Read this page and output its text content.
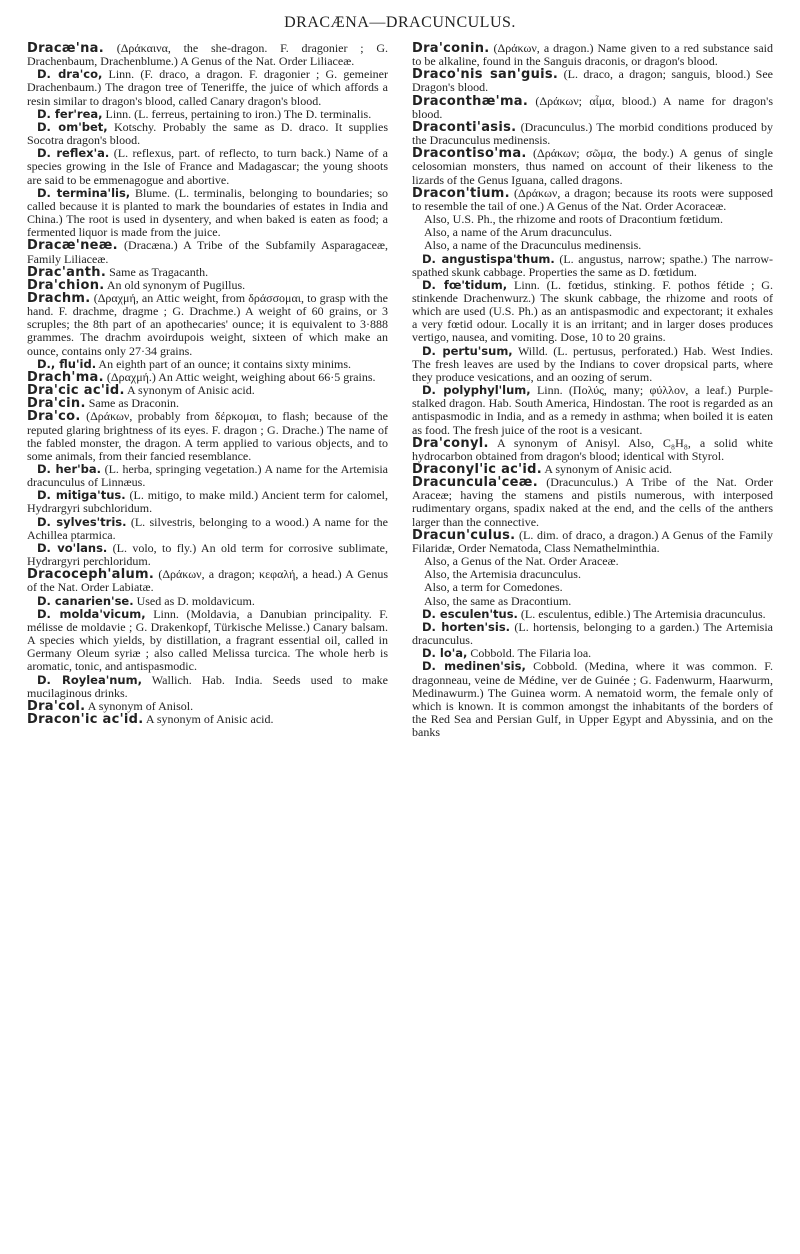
DRACÆNA—DRACUNCULUS.

Dracæ'na. (Δράκαινα, the she-dragon. F. dragonier ; G. Drachenbaum, Drachenblume.) A Genus of the Nat. Order Liliaceæ.

D. dra'co, Linn. (F. draco, a dragon. F. dragonier ; G. gemeiner Drachenbaum.) The dragon tree of Teneriffe, the juice of which affords a resin similar to dragon's blood, called Canary dragon's blood.

D. fer'rea, Linn. (L. ferreus, pertaining to iron.) The D. terminalis.

D. om'bet, Kotschy. Probably the same as D. draco. It supplies Socotra dragon's blood.

D. reflex'a. (L. reflexus, part. of reflecto, to turn back.) Name of a species growing in the Isle of France and Madagascar; the young shoots are said to be emmenagogue and abortive.

D. termina'lis, Blume. (L. terminalis, belonging to boundaries; so called because it is planted to mark the boundaries of estates in India and China.) The root is used in dysentery, and when baked is eaten as food; a fermented liquor is made from the juice.

Dracæ'neæ. (Dracæna.) A Tribe of the Subfamily Asparagaceæ, Family Liliaceæ.

Drac'anth. Same as Tragacanth.

Dra'chion. An old synonym of Pugillus.

Drachm. (Δραχμή, an Attic weight, from δράσσομαι, to grasp with the hand. F. drachme, dragme ; G. Drachme.) A weight of 60 grains, or 3 scruples; the 8th part of an apothecaries' ounce; it is equivalent to 3·888 grammes. The drachm avoirdupois weight, sixteen of which make an ounce, contains only 27·34 grains.

D., flu'id. An eighth part of an ounce; it contains sixty minims.

Drach'ma. (Δραχμή.) An Attic weight, weighing about 66·5 grains.

Dra'cic ac'id. A synonym of Anisic acid.

Dra'cin. Same as Draconin.

Dra'co. (Δράκων, probably from δέρκομαι, to flash; because of the reputed glaring brightness of its eyes. F. dragon ; G. Drache.) The name of the fabled monster, the dragon. A term applied to various objects, and to some animals, from their fancied resemblance.

D. her'ba. (L. herba, springing vegetation.) A name for the Artemisia dracunculus of Linnæus.

D. mitiga'tus. (L. mitigo, to make mild.) Ancient term for calomel, Hydrargyri subchloridum.

D. sylves'tris. (L. silvestris, belonging to a wood.) A name for the Achillea ptarmica.

D. vo'lans. (L. volo, to fly.) An old term for corrosive sublimate, Hydrargyri perchloridum.

Dracoceph'alum. (Δράκων, a dragon; κεφαλή, a head.) A Genus of the Nat. Order Labiatæ.

D. canarien'se. Used as D. moldavicum.

D. molda'vicum, Linn. (Moldavia, a Danubian principality. F. mélisse de moldavie ; G. Drakenkopf, Türkische Melisse.) Canary balsam. A species which yields, by distillation, a fragrant essential oil, called in Germany Oleum syriæ ; also called Melissa turcica. The whole herb is aromatic, tonic, and antispasmodic.

D. Roylea'num, Wallich. Hab. India. Seeds used to make mucilaginous drinks.

Dra'col. A synonym of Anisol.

Dracon'ic ac'id. A synonym of Anisic acid.

Dra'conin. (Δράκων, a dragon.) Name given to a red substance said to be alkaline, found in the Sanguis draconis, or dragon's blood.

Draco'nis san'guis. (L. draco, a dragon; sanguis, blood.) See Dragon's blood.

Draconthæ'ma. (Δράκων; αἷμα, blood.) A name for dragon's blood.

Draconti'asis. (Dracunculus.) The morbid conditions produced by the Dracunculus medinensis.

Dracontiso'ma. (Δράκων; σῶμα, the body.) A genus of single celosomian monsters, thus named on account of their likeness to the lizards of the Genus Iguana, called dragons.

Dracon'tium. (Δράκων, a dragon; because its roots were supposed to resemble the tail of one.) A Genus of the Nat. Order Acoraceæ.

Also, U.S. Ph., the rhizome and roots of Dracontium fœtidum.

Also, a name of the Arum dracunculus.

Also, a name of the Dracunculus medinensis.

D. angustispa'thum. (L. angustus, narrow; spathe.) The narrow-spathed skunk cabbage. Properties the same as D. fœtidum.

D. fœ'tidum, Linn. (L. fœtidus, stinking. F. pothos fétide ; G. stinkende Drachenwurz.) The skunk cabbage, the rhizome and roots of which are used (U.S. Ph.) as an antispasmodic and expectorant; it exhales a very fœtid odour. Locally it is an irritant; and in larger doses produces vertigo, nausea, and vomiting. Dose, 10 to 20 grains.

D. pertu'sum, Willd. (L. pertusus, perforated.) Hab. West Indies. The fresh leaves are used by the Indians to cover dropsical parts, where they produce vesications, and an oozing of serum.

D. polyphyl'lum, Linn. (Πολύς, many; φύλλον, a leaf.) Purple-stalked dragon. Hab. South America, Hindostan. The root is regarded as an antispasmodic in India, and as a remedy in asthma; when boiled it is eaten as food. The fresh juice of the root is a vesicant.

Dra'conyl. A synonym of Anisyl. Also, C₈H₈, a solid white hydrocarbon obtained from dragon's blood; identical with Styrol.

Draconyl'ic ac'id. A synonym of Anisic acid.

Dracuncula'ceæ. (Dracunculus.) A Tribe of the Nat. Order Araceæ; having the stamens and pistils numerous, with interposed rudimentary organs, spadix naked at the end, and the cells of the anthers larger than the connective.

Dracun'culus. (L. dim. of draco, a dragon.) A Genus of the Family Filaridæ, Order Nematoda, Class Nemathelminthia.

Also, a Genus of the Nat. Order Araceæ.

Also, the Artemisia dracunculus.

Also, a term for Comedones.

Also, the same as Dracontium.

D. esculen'tus. (L. esculentus, edible.) The Artemisia dracunculus.

D. horten'sis. (L. hortensis, belonging to a garden.) The Artemisia dracunculus.

D. lo'a, Cobbold. The Filaria loa.

D. medinen'sis, Cobbold. (Medina, where it was common. F. dragonneau, veine de Médine, ver de Guinée ; G. Fadenwurm, Haarwurm, Medinawurm.) The Guinea worm. A nematoid worm, the female only of which is known. It is common amongst the inhabitants of the borders of the Red Sea and Persian Gulf, in Upper Egypt and Abyssinia, and on the banks
